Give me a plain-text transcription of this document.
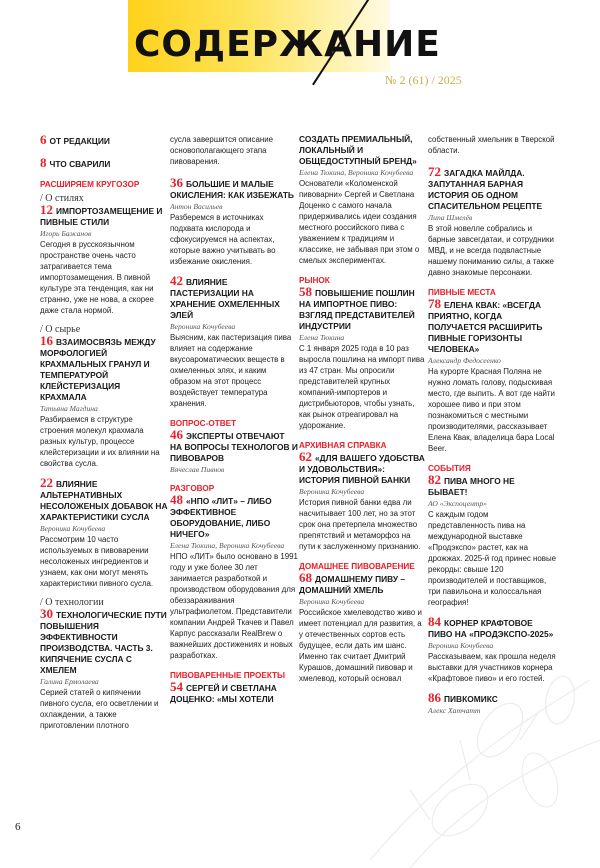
СОДЕРЖАНИЕ
№ 2 (61) / 2025
6 ОТ РЕДАКЦИИ
8 ЧТО СВАРИЛИ
РАСШИРЯЕМ КРУГОЗОР
/ О стилях
12 ИМПОРТОЗАМЕЩЕНИЕ И ПИВНЫЕ СТИЛИ
Игорь Бажанов
Сегодня в русскоязычном пространстве очень часто затрагивается тема импортозамещения. В пивной культуре эта тенденция, как ни странно, уже не нова, а скорее даже стала нормой.
/ О сырье
16 ВЗАИМОСВЯЗЬ МЕЖДУ МОРФОЛОГИЕЙ КРАХМАЛЬНЫХ ГРАНУЛ И ТЕМПЕРАТУРОЙ КЛЕЙСТЕРИЗАЦИЯ КРАХМАЛА
Татьяна Магдина
Разбираемся в структуре строения молекул крахмала разных культур, процессе клейстеризации и их влиянии на свойства сусла.
22 ВЛИЯНИЕ АЛЬТЕРНАТИВНЫХ НЕСОЛОЖЕНЫХ ДОБАВОК НА ХАРАКТЕРИСТИКИ СУСЛА
Вероника Кочубеева
Рассмотрим 10 часто используемых в пивоварении несоложеных ингредиентов и узнаем, как они могут менять характеристики пивного сусла.
/ О технологии
30 ТЕХНОЛОГИЧЕСКИЕ ПУТИ ПОВЫШЕНИЯ ЭФФЕКТИВНОСТИ ПРОИЗВОДСТВА. ЧАСТЬ 3. КИПЯЧЕНИЕ СУСЛА С ХМЕЛЕМ
Галина Ермолаева
Серией статей о кипячении пивного сусла, его осветлении и охлаждении, а также приготовлении плотного
сусла завершится описание основополагающего этапа пивоварения.
36 БОЛЬШИЕ И МАЛЫЕ ОКИСЛЕНИЯ: КАК ИЗБЕЖАТЬ
Антон Васильев
Разберемся в источниках подхвата кислорода и сфокусируемся на аспектах, которые важно учитывать во избежание окисления.
42 ВЛИЯНИЕ ПАСТЕРИЗАЦИИ НА ХРАНЕНИЕ ОХМЕЛЕННЫХ ЭЛЕЙ
Вероника Кочубеева
Выясним, как пастеризация пива влияет на содержание вкусоароматических веществ в охмеленных элях, и каким образом на этот процесс воздействует температура хранения.
ВОПРОС-ОТВЕТ
46 ЭКСПЕРТЫ ОТВЕЧАЮТ НА ВОПРОСЫ ТЕХНОЛОГОВ И ПИВОВАРОВ
Вячеслав Пивнов
РАЗГОВОР
48 «НПО «ЛИТ» – ЛИБО ЭФФЕКТИВНОЕ ОБОРУДОВАНИЕ, ЛИБО НИЧЕГО»
Елена Тюкина, Вероника Кочубеева
НПО «ЛИТ» было основано в 1991 году и уже более 30 лет занимается разработкой и производством оборудования для обеззараживания ультрафиолетом. Представители компании Андрей Ткачев и Павел Карпус рассказали RealBrew о важнейших достижениях и новых разработках.
ПИВОВАРЕННЫЕ ПРОЕКТЫ
54 СЕРГЕЙ И СВЕТЛАНА ДОЦЕНКО: «МЫ ХОТЕЛИ
СОЗДАТЬ ПРЕМИАЛЬНЫЙ, ЛОКАЛЬНЫЙ И ОБЩЕДОСТУПНЫЙ БРЕНД»
Елена Тюкина, Вероника Кочубеева
Основатели «Коломенской пивоварни» Сергей и Светлана Доценко с самого начала придерживались идеи создания местного российского пива с уважением к традициям и классике, не забывая при этом о смелых экспериментах.
РЫНОК
58 ПОВЫШЕНИЕ ПОШЛИН НА ИМПОРТНОЕ ПИВО: ВЗГЛЯД ПРЕДСТАВИТЕЛЕЙ ИНДУСТРИИ
Елена Тюкина
С 1 января 2025 года в 10 раз выросла пошлина на импорт пива из 47 стран. Мы опросили представителей крупных компаний-импортеров и дистрибьюторов, чтобы узнать, как рынок отреагировал на удорожание.
АРХИВНАЯ СПРАВКА
62 «ДЛЯ ВАШЕГО УДОБСТВА И УДОВОЛЬСТВИЯ»: ИСТОРИЯ ПИВНОЙ БАНКИ
Вероника Кочубеева
История пивной банки едва ли насчитывает 100 лет, но за этот срок она претерпела множество препятствий и метаморфоз на пути к заслуженному признанию.
ДОМАШНЕЕ ПИВОВАРЕНИЕ
68 ДОМАШНЕМУ ПИВУ – ДОМАШНИЙ ХМЕЛЬ
Вероника Кочубеева
Российское хмелеводство живо и имеет потенциал для развития, а у отечественных сортов есть будущее, если дать им шанс. Именно так считает Дмитрий Курашов, домашний пивовар и хмелевод, который основал
собственный хмельник в Тверской области.
72 ЗАГАДКА МАЙЛДА. ЗАПУТАННАЯ БАРНАЯ ИСТОРИЯ ОБ ОДНОМ СПАСИТЕЛЬНОМ РЕЦЕПТЕ
Липа Шмелёв
В этой новелле собрались и барные завсегдатаи, и сотрудники МВД, и не всегда подвластные нашему пониманию силы, а также давно знакомые персонажи.
ПИВНЫЕ МЕСТА
78 ЕЛЕНА КВАК: «ВСЕГДА ПРИЯТНО, КОГДА ПОЛУЧАЕТСЯ РАСШИРИТЬ ПИВНЫЕ ГОРИЗОНТЫ ЧЕЛОВЕКА»
Александр Федосеенко
На курорте Красная Поляна не нужно ломать голову, подыскивая место, где выпить. А вот где найти хорошее пиво и при этом познакомиться с местными производителями, рассказывает Елена Квак, владелица бара Local Beer.
СОБЫТИЯ
82 ПИВА МНОГО НЕ БЫВАЕТ!
АО «Экспоцентр»
С каждым годом представленность пива на международной выставке «Продэкспо» растет, как на дрожжах. 2025-й год принес новые рекорды: свыше 120 производителей и поставщиков, три павильона и колоссальная география!
84 КОРНЕР КРАФТОВОЕ ПИВО НА «ПРОДЭКСПО-2025»
Вероника Кочубеева
Рассказываем, как прошла неделя выставки для участников корнера «Крафтовое пиво» и его гостей.
86 ПИВКОМИКС
Алекс Хатчатт
6
